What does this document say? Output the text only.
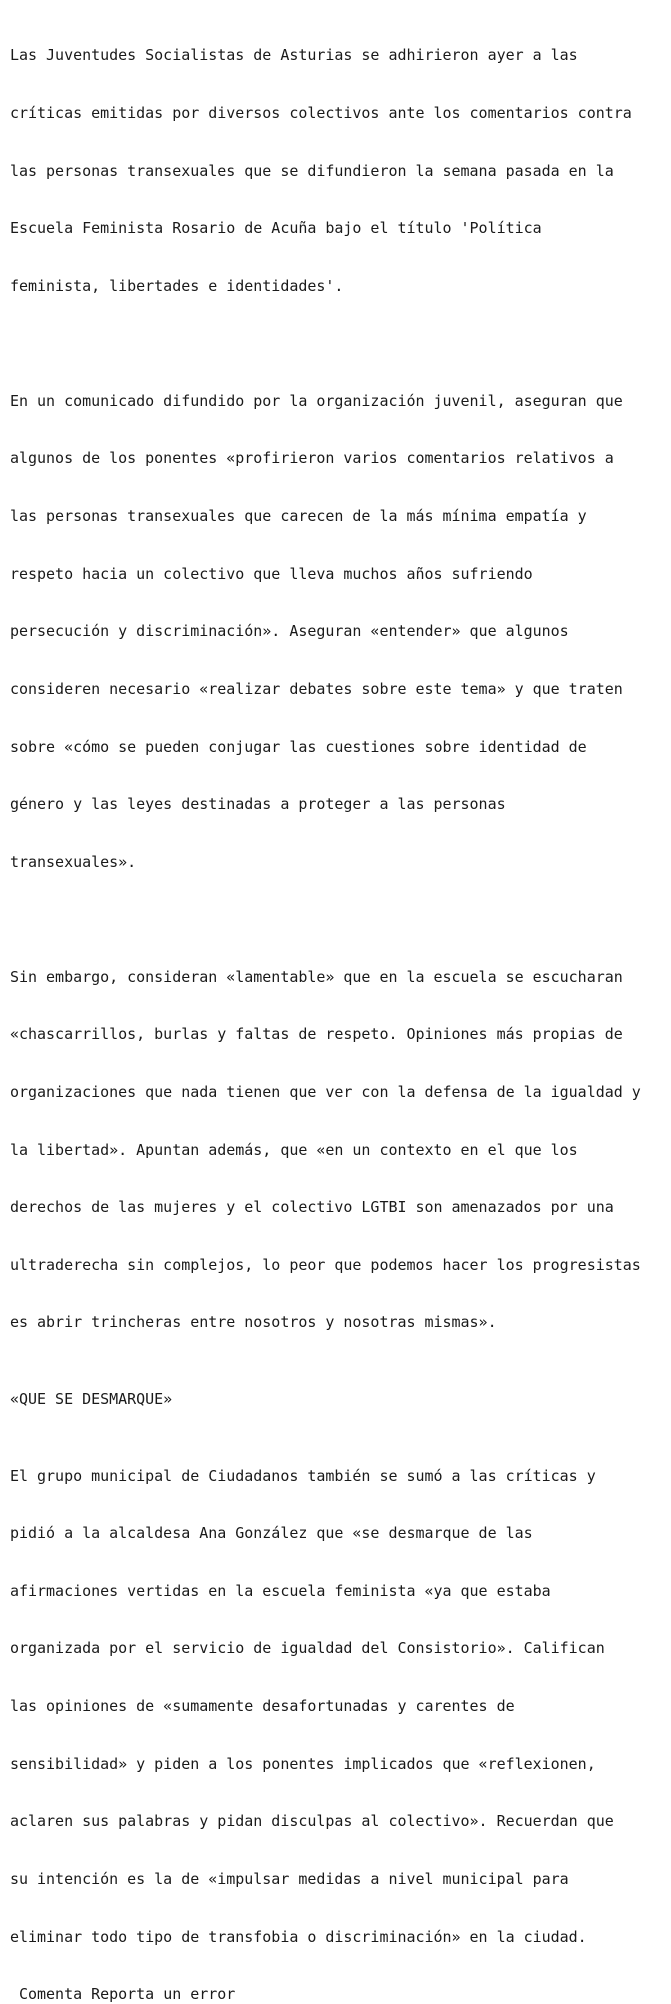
Las Juventudes Socialistas de Asturias se adhirieron ayer a las

críticas emitidas por diversos colectivos ante los comentarios contra

las personas transexuales que se difundieron la semana pasada en la

Escuela Feminista Rosario de Acuña bajo el título 'Política

feminista, libertades e identidades'.

En un comunicado difundido por la organización juvenil, aseguran que

algunos de los ponentes «profirieron varios comentarios relativos a

las personas transexuales que carecen de la más mínima empatía y

respeto hacia un colectivo que lleva muchos años sufriendo

persecución y discriminación». Aseguran «entender» que algunos

consideren necesario «realizar debates sobre este tema» y que traten

sobre «cómo se pueden conjugar las cuestiones sobre identidad de

género y las leyes destinadas a proteger a las personas

transexuales».

Sin embargo, consideran «lamentable» que en la escuela se escucharan

«chascarrillos, burlas y faltas de respeto. Opiniones más propias de

organizaciones que nada tienen que ver con la defensa de la igualdad y

la libertad». Apuntan además, que «en un contexto en el que los

derechos de las mujeres y el colectivo LGTBI son amenazados por una

ultraderecha sin complejos, lo peor que podemos hacer los progresistas

es abrir trincheras entre nosotros y nosotras mismas».

«QUE SE DESMARQUE»

El grupo municipal de Ciudadanos también se sumó a las críticas y

pidió a la alcaldesa Ana González que «se desmarque de las

afirmaciones vertidas en la escuela feminista «ya que estaba

organizada por el servicio de igualdad del Consistorio». Califican

las opiniones de «sumamente desafortunadas y carentes de

sensibilidad» y piden a los ponentes implicados que «reflexionen,

aclaren sus palabras y pidan disculpas al colectivo». Recuerdan que

su intención es la de «impulsar medidas a nivel municipal para

eliminar todo tipo de transfobia o discriminación» en la ciudad.

Comenta Reporta un error
